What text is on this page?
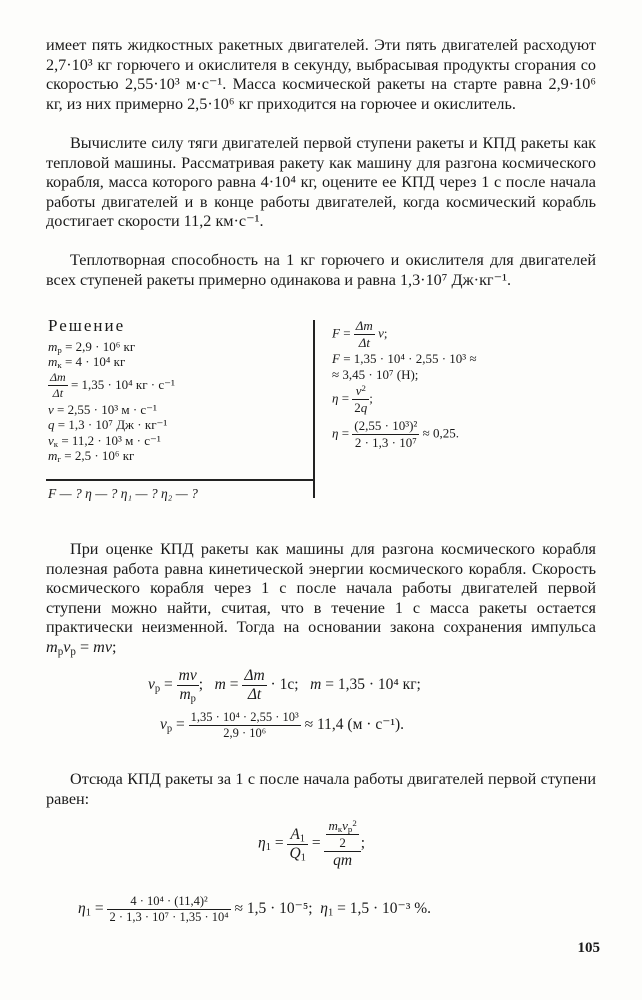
имеет пять жидкостных ракетных двигателей. Эти пять двигателей расходуют 2,7·10³ кг горючего и окислителя в секунду, выбрасывая продукты сгорания со скоростью 2,55·10³ м·с⁻¹. Масса космической ракеты на старте равна 2,9·10⁶ кг, из них примерно 2,5·10⁶ кг приходится на горючее и окислитель.
Вычислите силу тяги двигателей первой ступени ракеты и КПД ракеты как тепловой машины. Рассматривая ракету как машину для разгона космического корабля, масса которого равна 4·10⁴ кг, оцените ее КПД через 1 с после начала работы двигателей и в конце работы двигателей, когда космический корабль достигает скорости 11,2 км·с⁻¹.
Теплотворная способность на 1 кг горючего и окислителя для двигателей всех ступеней ракеты примерно одинакова и равна 1,3·10⁷ Дж·кг⁻¹.
Решение
$m_р = 2,9 \cdot 10^6$ кг
$m_к = 4 \cdot 10^4$ кг
$\frac{\Delta m}{\Delta t} = 1,35 \cdot 10^4$ кг · с⁻¹
v = 2,55 · 10³ м · с⁻¹
q = 1,3 · 10⁷ Дж · кг⁻¹
$v_к = 11,2 \cdot 10^3$ м · с⁻¹
$m_г = 2,5 \cdot 10^6$ кг
F — ? η — ? η₁ — ? η₂ — ?
$F = \frac{\Delta m}{\Delta t} v$;
F = 1,35 · 10⁴ · 2,55 · 10³ ≈
≈ 3,45 · 10⁷ (Н);
$\eta = \frac{v^2}{2q}$ ;
$\eta = \frac{\text{(2,55 · 10³)²}}{\text{2 · 1,3 · 10⁷}} \approx 0,25$.
При оценке КПД ракеты как машины для разгона космического корабля полезная работа равна кинетической энергии космического корабля. Скорость космического корабля через 1 с после начала работы двигателей первой ступени можно найти, считая, что в течение 1 с масса ракеты остается практически неизменной. Тогда на основании закона сохранения импульса $m_рv_р$ = mv;
$v_р = \frac{mv}{m_р}$ ;   $m = \frac{\Delta m}{\Delta t} \cdot 1с$;   m = 1,35 · 10⁴ кг;
$v_р = \frac{\text{1,35 · 10⁴ · 2,55 · 10³}}{\text{2,9 · 10⁶}} \approx 11,4$ (м · с⁻¹).
Отсюда КПД ракеты за 1 с после начала работы двигателей первой ступени равен:
$\eta_1 = \frac{A_1}{Q_1} = \frac{\frac{m_кv_р^2}{2}}{qm}$ ;
$\eta_1 = \frac{\text{4 · 10⁴ · (11,4)²}}{\text{2 · 1,3 · 10⁷ · 1,35 · 10⁴}} \approx 1,5 \cdot 10^{-5}$; $\eta_1 = 1,5 \cdot 10^{-3}$ %.
105
